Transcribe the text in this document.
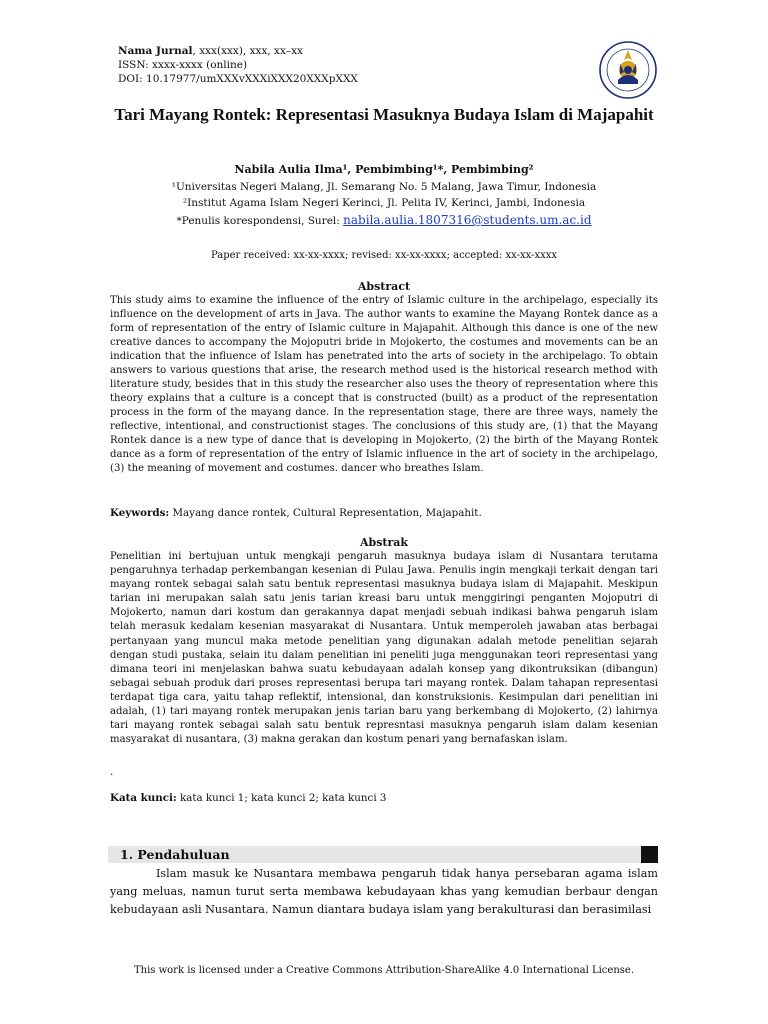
Nama Jurnal, xxx(xxx), xxx, xx–xx
ISSN: xxxx-xxxx (online)
DOI: 10.17977/umXXXvXXXiXXX20XXXpXXX
Tari Mayang Rontek: Representasi Masuknya Budaya Islam di Majapahit
Nabila Aulia Ilma¹, Pembimbing¹*, Pembimbing²
¹Universitas Negeri Malang, Jl. Semarang No. 5 Malang, Jawa Timur, Indonesia
²Institut Agama Islam Negeri Kerinci, Jl. Pelita IV, Kerinci, Jambi, Indonesia
*Penulis korespondensi, Surel: nabila.aulia.1807316@students.um.ac.id
Paper received: xx-xx-xxxx; revised: xx-xx-xxxx; accepted: xx-xx-xxxx
Abstract

This study aims to examine the influence of the entry of Islamic culture in the archipelago, especially its influence on the development of arts in Java. The author wants to examine the Mayang Rontek dance as a form of representation of the entry of Islamic culture in Majapahit. Although this dance is one of the new creative dances to accompany the Mojoputri bride in Mojokerto, the costumes and movements can be an indication that the influence of Islam has penetrated into the arts of society in the archipelago. To obtain answers to various questions that arise, the research method used is the historical research method with literature study, besides that in this study the researcher also uses the theory of representation where this theory explains that a culture is a concept that is constructed (built) as a product of the representation process in the form of the mayang dance. In the representation stage, there are three ways, namely the reflective, intentional, and constructionist stages. The conclusions of this study are, (1) that the Mayang Rontek dance is a new type of dance that is developing in Mojokerto, (2) the birth of the Mayang Rontek dance as a form of representation of the entry of Islamic influence in the art of society in the archipelago, (3) the meaning of movement and costumes. dancer who breathes Islam.

Keywords: Mayang dance rontek, Cultural Representation, Majapahit.
Abstrak

Penelitian ini bertujuan untuk mengkaji pengaruh masuknya budaya islam di Nusantara terutama pengaruhnya terhadap perkembangan kesenian di Pulau Jawa. Penulis ingin mengkaji terkait dengan tari mayang rontek sebagai salah satu bentuk representasi masuknya budaya islam di Majapahit. Meskipun tarian ini merupakan salah satu jenis tarian kreasi baru untuk menggiringi penganten Mojoputri di Mojokerto, namun dari kostum dan gerakannya dapat menjadi sebuah indikasi bahwa pengaruh islam telah merasuk kedalam kesenian masyarakat di Nusantara. Untuk memperoleh jawaban atas berbagai pertanyaan yang muncul maka metode penelitian yang digunakan adalah metode penelitian sejarah dengan studi pustaka, selain itu dalam penelitian ini peneliti juga menggunakan teori representasi yang dimana teori ini menjelaskan bahwa suatu kebudayaan adalah konsep yang dikontruksikan (dibangun) sebagai sebuah produk dari proses representasi berupa tari mayang rontek. Dalam tahapan representasi terdapat tiga cara, yaitu tahap reflektif, intensional, dan konstruksionis. Kesimpulan dari penelitian ini adalah, (1) tari mayang rontek merupakan jenis tarian baru yang berkembang di Mojokerto, (2) lahirnya tari mayang rontek sebagai salah satu bentuk represntasi masuknya pengaruh islam dalam kesenian masyarakat di nusantara, (3) makna gerakan dan kostum penari yang bernafaskan islam.

.
Kata kunci: kata kunci 1; kata kunci 2; kata kunci 3
1. Pendahuluan

Islam masuk ke Nusantara membawa pengaruh tidak hanya persebaran agama islam yang meluas, namun turut serta membawa kebudayaan khas yang kemudian berbaur dengan kebudayaan asli Nusantara. Namun diantara budaya islam yang berakulturasi dan berasimilasi

This work is licensed under a Creative Commons Attribution-ShareAlike 4.0 International License.
